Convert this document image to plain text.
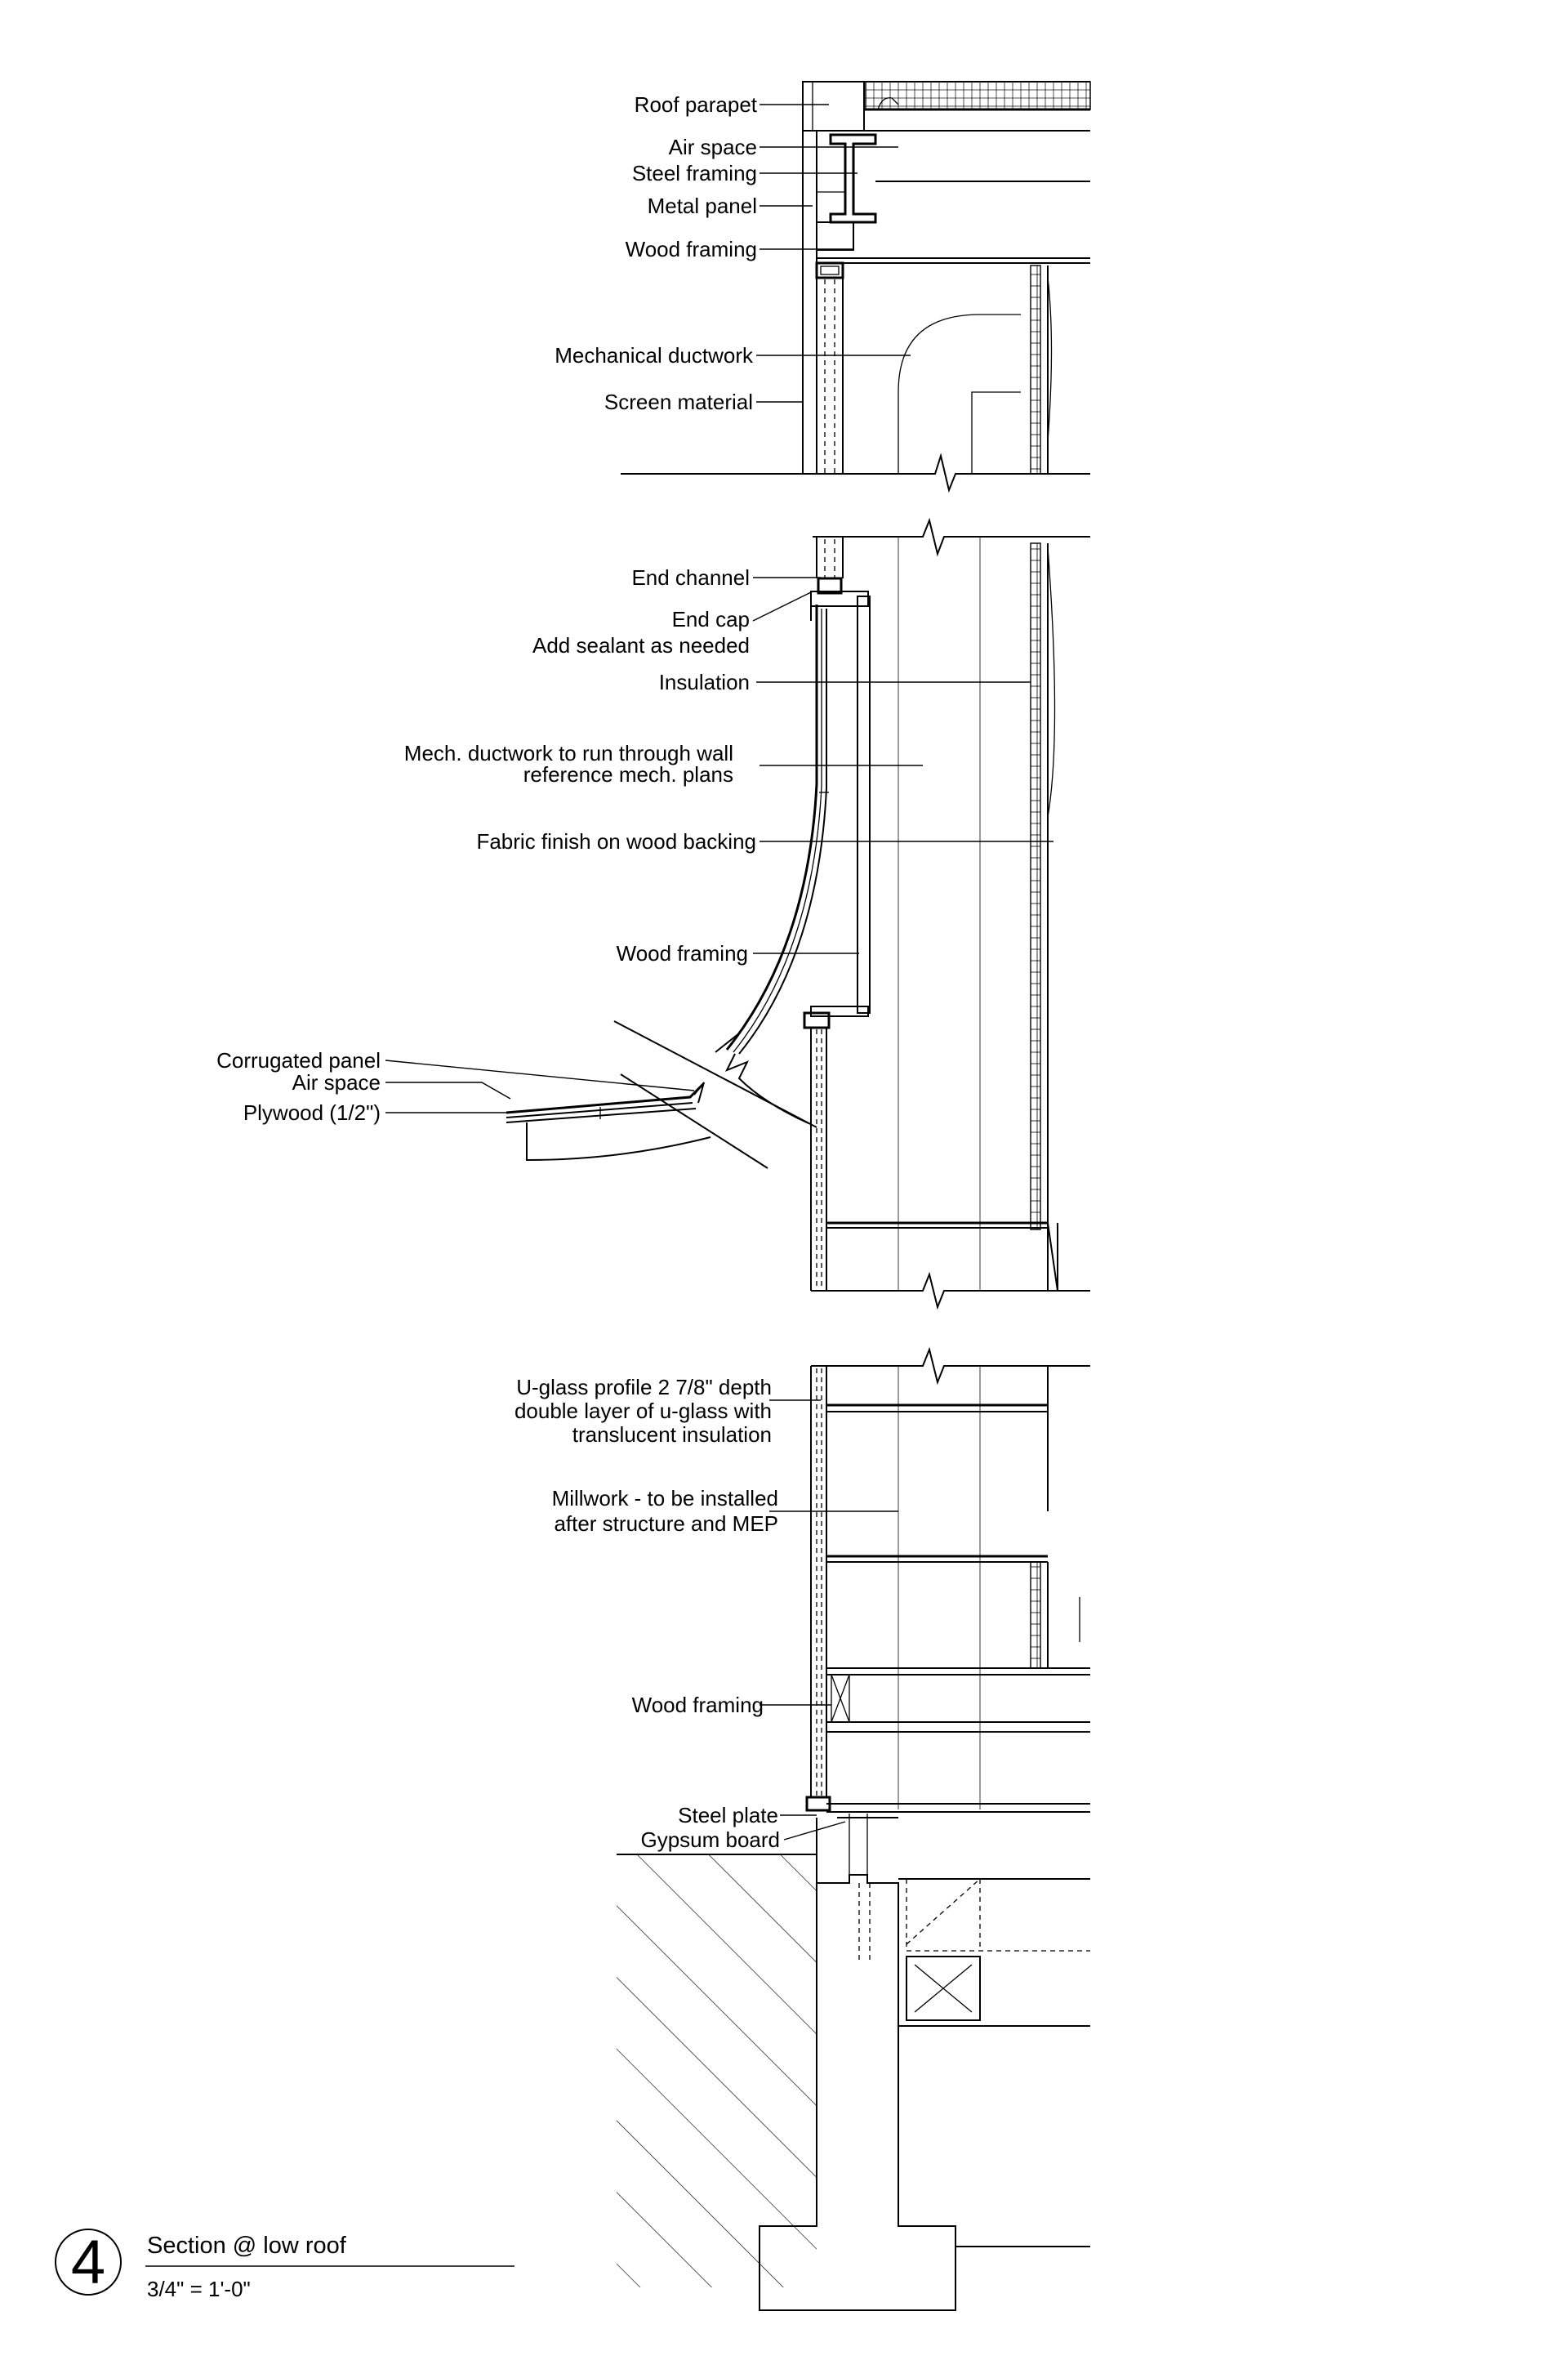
Roof parapet
Air space
Steel framing
Metal panel
Wood framing
Mechanical ductwork
Screen material
End channel
End cap
Add sealant as needed
Insulation
Mech. ductwork to run through wall
reference mech. plans
Fabric finish on wood backing
Wood framing
Corrugated panel
Air space
Plywood (1/2")
U-glass profile 2 7/8" depth
double layer of u-glass with
translucent insulation
Millwork - to be installed
after structure and MEP
Wood framing
Steel plate
Gypsum board
4 Section @ low roof
3/4" = 1'-0"
